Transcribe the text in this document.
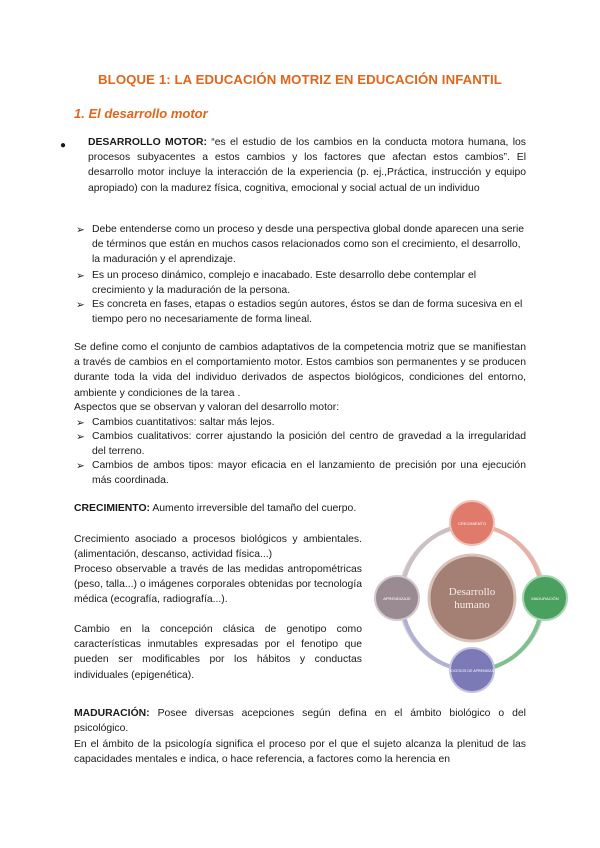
BLOQUE 1: LA EDUCACIÓN MOTRIZ EN EDUCACIÓN INFANTIL
1. El desarrollo motor
● DESARROLLO MOTOR: “es el estudio de los cambios en la conducta motora humana, los procesos subyacentes a estos cambios y los factores que afectan estos cambios”. El desarrollo motor incluye la interacción de la experiencia (p. ej.,Práctica, instrucción y equipo apropiado) con la madurez física, cognitiva, emocional y social actual de un individuo
➢ Debe entenderse como un proceso y desde una perspectiva global donde aparecen una serie de términos que están en muchos casos relacionados como son el crecimiento, el desarrollo, la maduración y el aprendizaje.
➢ Es un proceso dinámico, complejo e inacabado. Este desarrollo debe contemplar el crecimiento y la maduración de la persona.
➢ Es concreta en fases, etapas o estadios según autores, éstos se dan de forma sucesiva en el tiempo pero no necesariamente de forma lineal.
Se define como el conjunto de cambios adaptativos de la competencia motriz que se manifiestan a través de cambios en el comportamiento motor. Estos cambios son permanentes y se producen durante toda la vida del individuo derivados de aspectos biológicos, condiciones del entorno, ambiente y condiciones de la tarea .
Aspectos que se observan y valoran del desarrollo motor:
➢ Cambios cuantitativos: saltar más lejos.
➢ Cambios cualitativos: correr ajustando la posición del centro de gravedad a la irregularidad del terreno.
➢ Cambios de ambos tipos: mayor eficacia en el lanzamiento de precisión por una ejecución más coordinada.
CRECIMIENTO: Aumento irreversible del tamaño del cuerpo.
Crecimiento asociado a procesos biológicos y ambientales. (alimentación, descanso, actividad física...)
Proceso observable a través de las medidas antropométricas (peso, talla...) o imágenes corporales obtenidas por tecnología médica (ecografía, radiografía...).
Cambio en la concepción clásica de genotipo como características inmutables expresadas por el fenotipo que pueden ser modificables por los hábitos y conductas individuales (epigenética).
Desarrollo
humano
CRECIMIENTO
MADURACIÓN
PROCESOS DE APRENDIZAJE
APRENDIZAJE
MADURACIÓN: Posee diversas acepciones según defina en el ámbito biológico o del psicológico.
En el ámbito de la psicología significa el proceso por el que el sujeto alcanza la plenitud de las capacidades mentales e indica, o hace referencia, a factores como la herencia en
